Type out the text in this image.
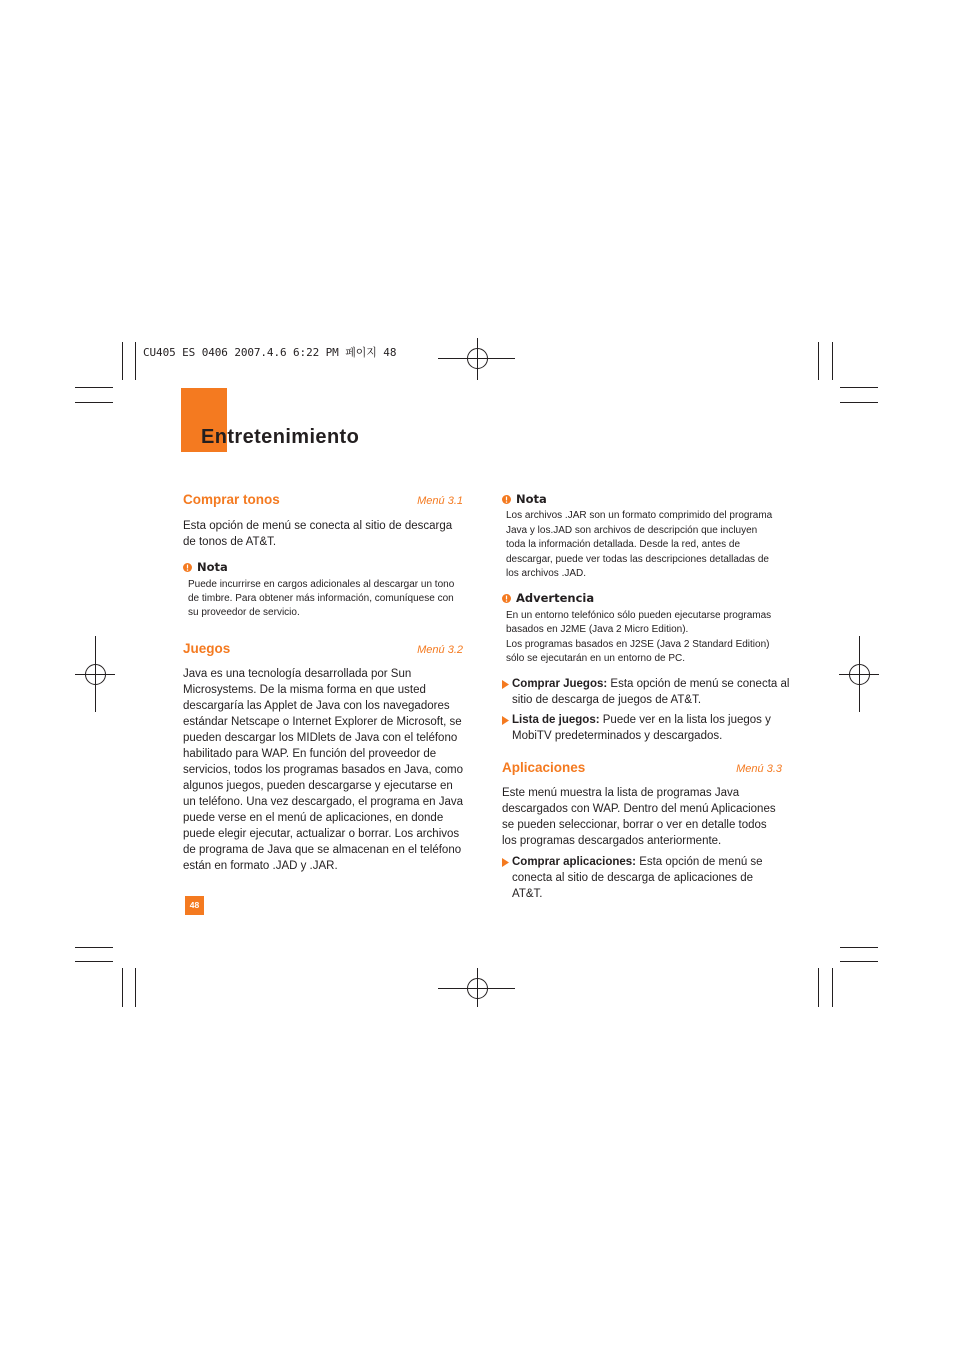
CU405 ES 0406 2007.4.6 6:22 PM 페이지 48
Entretenimiento
Comprar tonos	Menú 3.1
Esta opción de menú se conecta al sitio de descarga
de tonos de AT&T.
Nota
Puede incurrirse en cargos adicionales al descargar un tono
de timbre. Para obtener más información, comuníquese con
su proveedor de servicio.
Juegos	Menú 3.2
Java es una tecnología desarrollada por Sun
Microsystems. De la misma forma en que usted
descargaría las Applet de Java con los navegadores
estándar Netscape o Internet Explorer de Microsoft, se
pueden descargar los MIDlets de Java con el teléfono
habilitado para WAP. En función del proveedor de
servicios, todos los programas basados en Java, como
algunos juegos, pueden descargarse y ejecutarse en
un teléfono. Una vez descargado, el programa en Java
puede verse en el menú de aplicaciones, en donde
puede elegir ejecutar, actualizar o borrar. Los archivos
de programa de Java que se almacenan en el teléfono
están en formato .JAD y .JAR.
48
Nota
Los archivos .JAR son un formato comprimido del programa
Java y los.JAD son archivos de descripción que incluyen
toda la información detallada. Desde la red, antes de
descargar, puede ver todas las descripciones detalladas de
los archivos .JAD.
Advertencia
En un entorno telefónico sólo pueden ejecutarse programas
basados en J2ME (Java 2 Micro Edition).
Los programas basados en J2SE (Java 2 Standard Edition)
sólo se ejecutarán en un entorno de PC.
Comprar Juegos: Esta opción de menú se conecta al
sitio de descarga de juegos de AT&T.
Lista de juegos: Puede ver en la lista los juegos y
MobiTV predeterminados y descargados.
Aplicaciones	Menú 3.3
Este menú muestra la lista de programas Java
descargados con WAP. Dentro del menú Aplicaciones
se pueden seleccionar, borrar o ver en detalle todos
los programas descargados anteriormente.
Comprar aplicaciones: Esta opción de menú se
conecta al sitio de descarga de aplicaciones de
AT&T.
